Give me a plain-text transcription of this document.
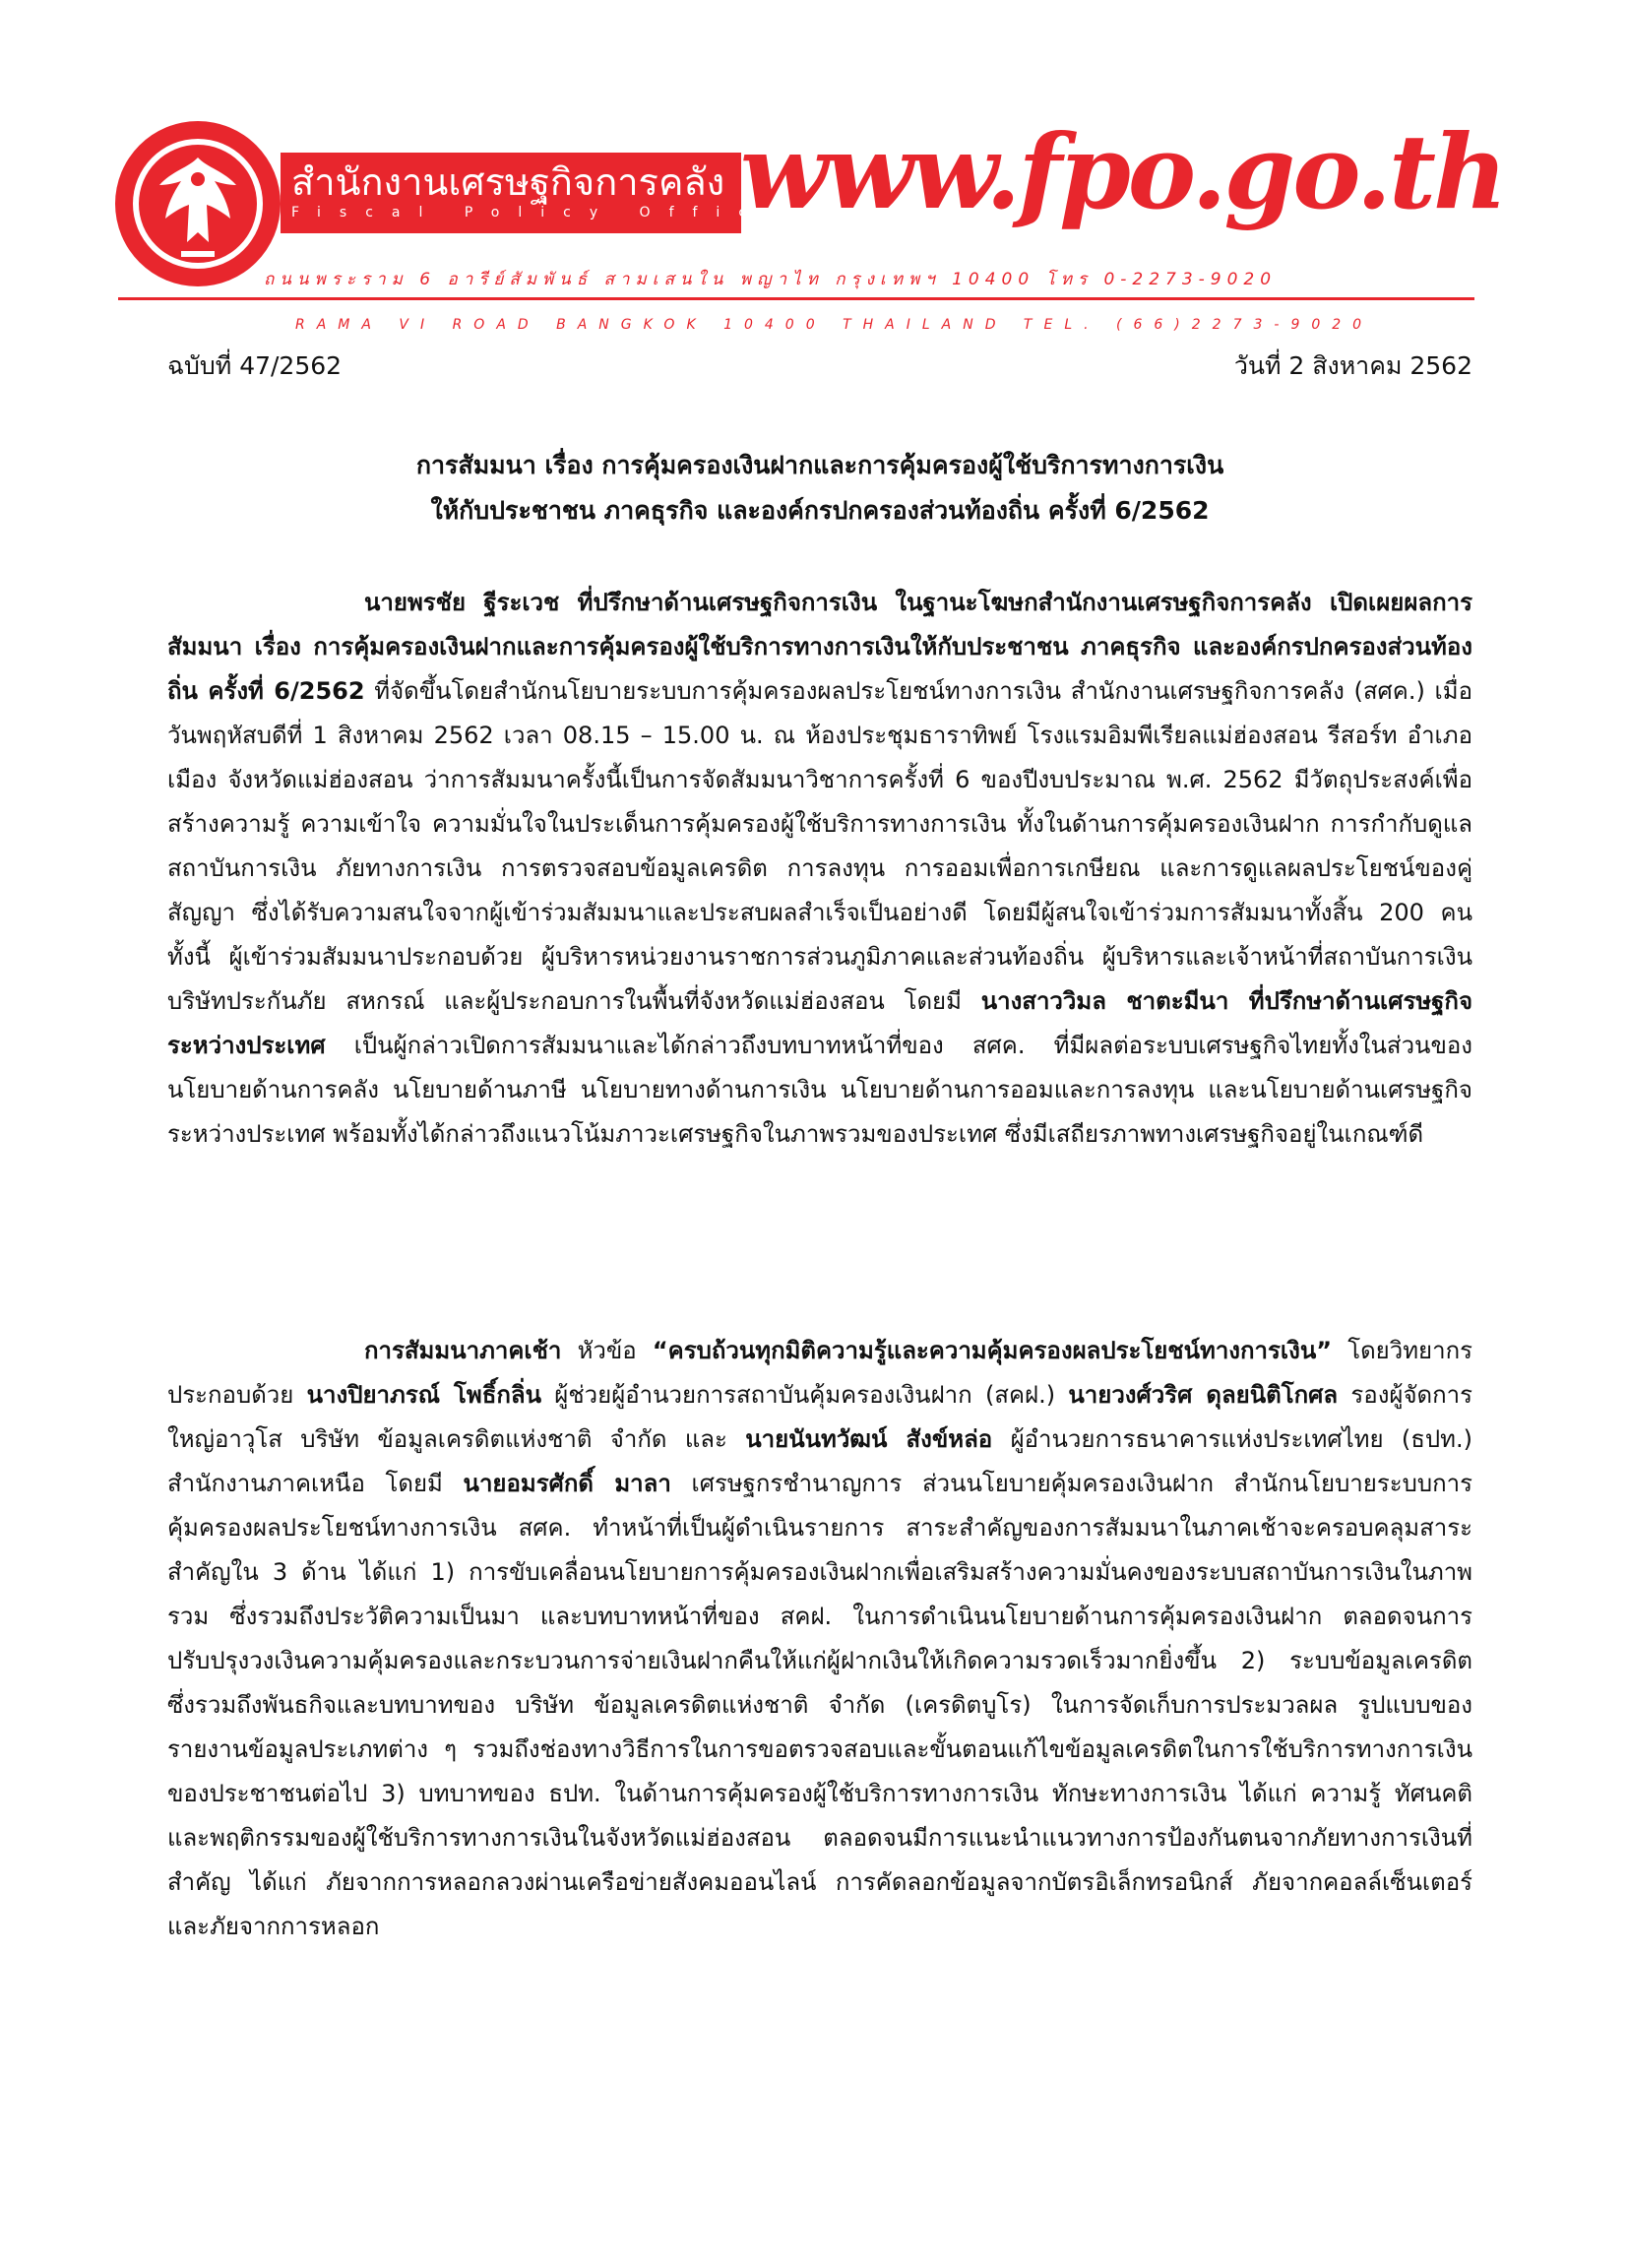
สำนักงานเศรษฐกิจการคลัง
Fiscal Policy Office
www.fpo.go.th
ถนนพระราม 6 อารีย์สัมพันธ์ สามเสนใน พญาไท กรุงเทพฯ 10400 โทร 0-2273-9020
RAMA VI ROAD BANGKOK 10400 THAILAND TEL. (66)2273-9020
ฉบับที่ 47/2562	วันที่ 2 สิงหาคม 2562
การสัมมนา เรื่อง การคุ้มครองเงินฝากและการคุ้มครองผู้ใช้บริการทางการเงิน
ให้กับประชาชน ภาคธุรกิจ และองค์กรปกครองส่วนท้องถิ่น ครั้งที่ 6/2562

นายพรชัย ฐีระเวช ที่ปรึกษาด้านเศรษฐกิจการเงิน ในฐานะโฆษกสำนักงานเศรษฐกิจการคลัง เปิดเผยผลการสัมมนา เรื่อง การคุ้มครองเงินฝากและการคุ้มครองผู้ใช้บริการทางการเงินให้กับประชาชน ภาคธุรกิจ และองค์กรปกครองส่วนท้องถิ่น ครั้งที่ 6/2562 ที่จัดขึ้นโดยสำนักนโยบายระบบการคุ้มครองผลประโยชน์ทางการเงิน สำนักงานเศรษฐกิจการคลัง (สศค.) เมื่อวันพฤหัสบดีที่ 1 สิงหาคม 2562 เวลา 08.15 – 15.00 น. ณ ห้องประชุมธาราทิพย์ โรงแรมอิมพีเรียลแม่ฮ่องสอน รีสอร์ท อำเภอเมือง จังหวัดแม่ฮ่องสอน ว่าการสัมมนาครั้งนี้เป็นการจัดสัมมนาวิชาการครั้งที่ 6 ของปีงบประมาณ พ.ศ. 2562 มีวัตถุประสงค์เพื่อสร้างความรู้ ความเข้าใจ ความมั่นใจในประเด็นการคุ้มครองผู้ใช้บริการทางการเงิน ทั้งในด้านการคุ้มครองเงินฝาก การกำกับดูแลสถาบันการเงิน ภัยทางการเงิน การตรวจสอบข้อมูลเครดิต การลงทุน การออมเพื่อการเกษียณ และการดูแลผลประโยชน์ของคู่สัญญา ซึ่งได้รับความสนใจจากผู้เข้าร่วมสัมมนาและประสบผลสำเร็จเป็นอย่างดี โดยมีผู้สนใจเข้าร่วมการสัมมนาทั้งสิ้น 200 คน ทั้งนี้ ผู้เข้าร่วมสัมมนาประกอบด้วย ผู้บริหารหน่วยงานราชการส่วนภูมิภาคและส่วนท้องถิ่น ผู้บริหารและเจ้าหน้าที่สถาบันการเงิน บริษัทประกันภัย สหกรณ์ และผู้ประกอบการในพื้นที่จังหวัดแม่ฮ่องสอน โดยมี นางสาววิมล ชาตะมีนา ที่ปรึกษาด้านเศรษฐกิจระหว่างประเทศ เป็นผู้กล่าวเปิดการสัมมนาและได้กล่าวถึงบทบาทหน้าที่ของ สศค. ที่มีผลต่อระบบเศรษฐกิจไทยทั้งในส่วนของนโยบายด้านการคลัง นโยบายด้านภาษี นโยบายทางด้านการเงิน นโยบายด้านการออมและการลงทุน และนโยบายด้านเศรษฐกิจระหว่างประเทศ พร้อมทั้งได้กล่าวถึงแนวโน้มภาวะเศรษฐกิจในภาพรวมของประเทศ ซึ่งมีเสถียรภาพทางเศรษฐกิจอยู่ในเกณฑ์ดี

การสัมมนาภาคเช้า หัวข้อ “ครบถ้วนทุกมิติความรู้และความคุ้มครองผลประโยชน์ทางการเงิน” โดยวิทยากรประกอบด้วย นางปิยาภรณ์ โพธิ์กลิ่น ผู้ช่วยผู้อำนวยการสถาบันคุ้มครองเงินฝาก (สคฝ.) นายวงศ์วริศ ดุลยนิติโกศล รองผู้จัดการใหญ่อาวุโส บริษัท ข้อมูลเครดิตแห่งชาติ จำกัด และ นายนันทวัฒน์ สังข์หล่อ ผู้อำนวยการธนาคารแห่งประเทศไทย (ธปท.) สำนักงานภาคเหนือ โดยมี นายอมรศักดิ์ มาลา เศรษฐกรชำนาญการ ส่วนนโยบายคุ้มครองเงินฝาก สำนักนโยบายระบบการคุ้มครองผลประโยชน์ทางการเงิน สศค. ทำหน้าที่เป็นผู้ดำเนินรายการ สาระสำคัญของการสัมมนาในภาคเช้าจะครอบคลุมสาระสำคัญใน 3 ด้าน ได้แก่ 1) การขับเคลื่อนนโยบายการคุ้มครองเงินฝากเพื่อเสริมสร้างความมั่นคงของระบบสถาบันการเงินในภาพรวม ซึ่งรวมถึงประวัติความเป็นมา และบทบาทหน้าที่ของ สคฝ. ในการดำเนินนโยบายด้านการคุ้มครองเงินฝาก ตลอดจนการปรับปรุงวงเงินความคุ้มครองและกระบวนการจ่ายเงินฝากคืนให้แก่ผู้ฝากเงินให้เกิดความรวดเร็วมากยิ่งขึ้น 2) ระบบข้อมูลเครดิต ซึ่งรวมถึงพันธกิจและบทบาทของ บริษัท ข้อมูลเครดิตแห่งชาติ จำกัด (เครดิตบูโร) ในการจัดเก็บการประมวลผล รูปแบบของรายงานข้อมูลประเภทต่าง ๆ รวมถึงช่องทางวิธีการในการขอตรวจสอบและขั้นตอนแก้ไขข้อมูลเครดิตในการใช้บริการทางการเงินของประชาชนต่อไป 3) บทบาทของ ธปท. ในด้านการคุ้มครองผู้ใช้บริการทางการเงิน ทักษะทางการเงิน ได้แก่ ความรู้ ทัศนคติ และพฤติกรรมของผู้ใช้บริการทางการเงินในจังหวัดแม่ฮ่องสอน ตลอดจนมีการแนะนำแนวทางการป้องกันตนจากภัยทางการเงินที่สำคัญ ได้แก่ ภัยจากการหลอกลวงผ่านเครือข่ายสังคมออนไลน์ การคัดลอกข้อมูลจากบัตรอิเล็กทรอนิกส์ ภัยจากคอลล์เซ็นเตอร์ และภัยจากการหลอก
